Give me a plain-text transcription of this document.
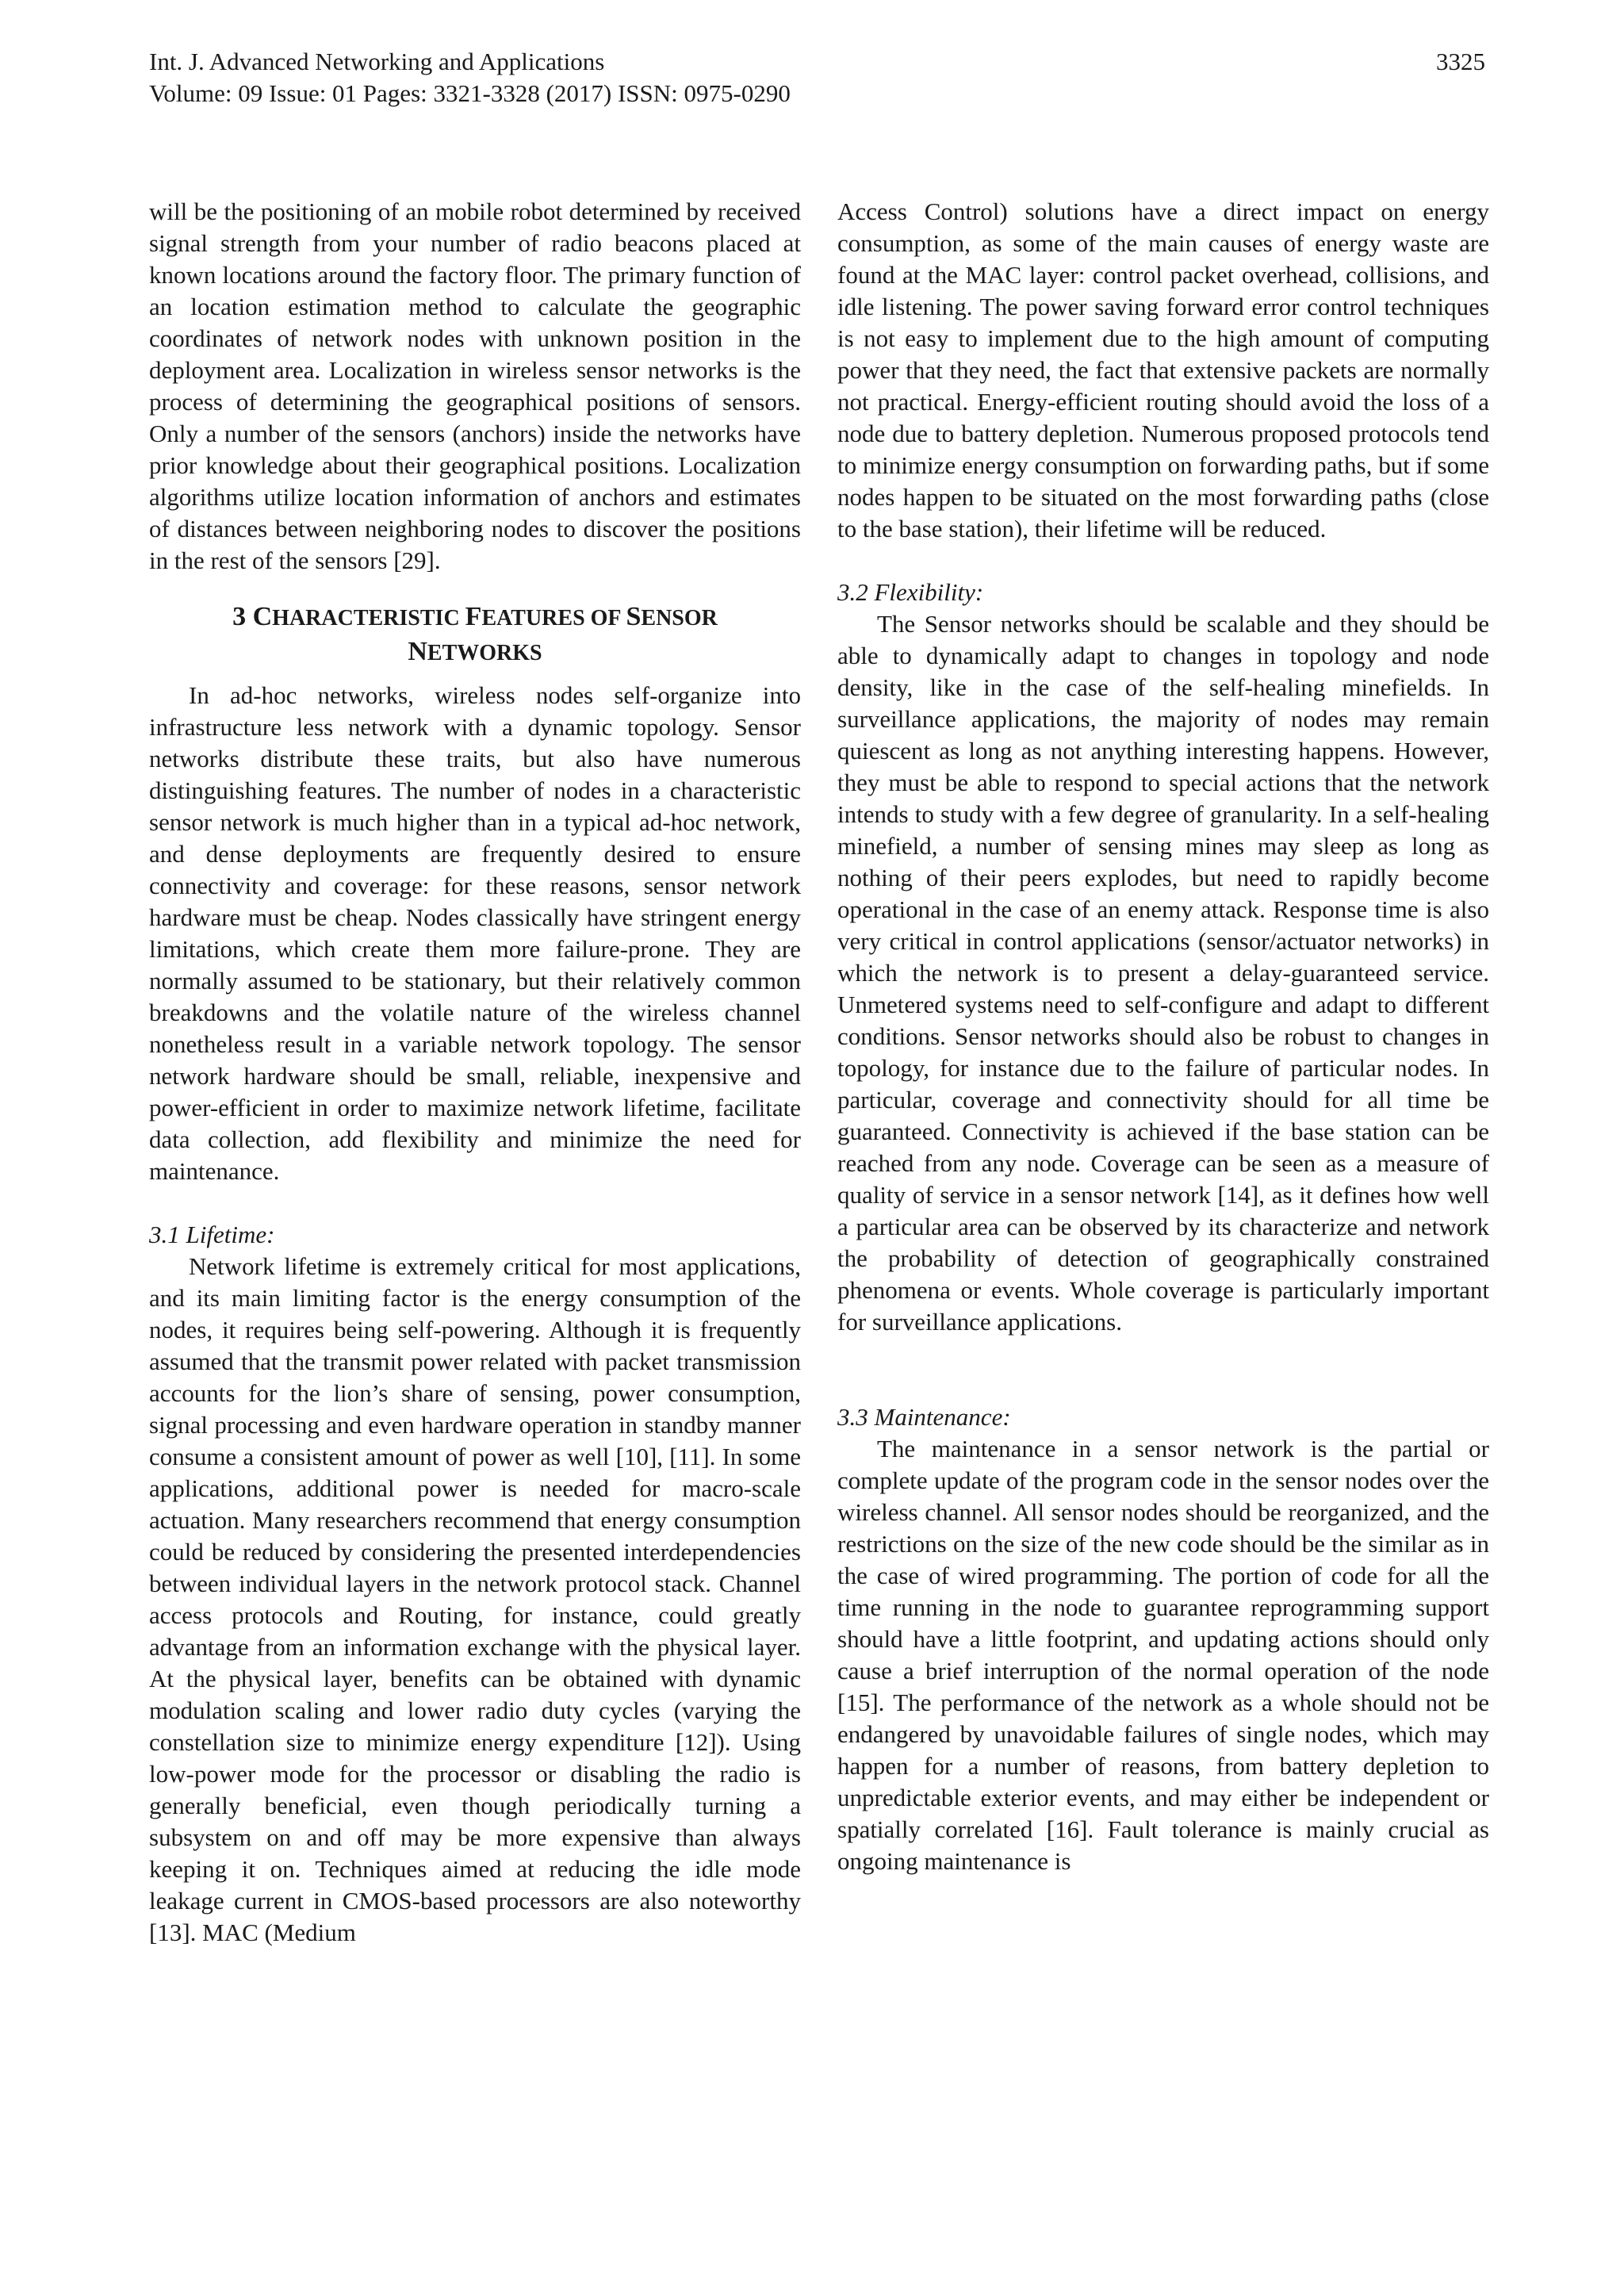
Int. J. Advanced Networking and Applications
Volume: 09 Issue: 01 Pages: 3321-3328 (2017) ISSN: 0975-0290
3325

will be the positioning of an mobile robot determined by received signal strength from your number of radio beacons placed at known locations around the factory floor. The primary function of an location estimation method to calculate the geographic coordinates of network nodes with unknown position in the deployment area. Localization in wireless sensor networks is the process of determining the geographical positions of sensors. Only a number of the sensors (anchors) inside the networks have prior knowledge about their geographical positions. Localization algorithms utilize location information of anchors and estimates of distances between neighboring nodes to discover the positions in the rest of the sensors [29].

3 CHARACTERISTIC FEATURES OF SENSOR
NETWORKS

In ad-hoc networks, wireless nodes self-organize into infrastructure less network with a dynamic topology. Sensor networks distribute these traits, but also have numerous distinguishing features. The number of nodes in a characteristic sensor network is much higher than in a typical ad-hoc network, and dense deployments are frequently desired to ensure connectivity and coverage: for these reasons, sensor network hardware must be cheap. Nodes classically have stringent energy limitations, which create them more failure-prone. They are normally assumed to be stationary, but their relatively common breakdowns and the volatile nature of the wireless channel nonetheless result in a variable network topology. The sensor network hardware should be small, reliable, inexpensive and power-efficient in order to maximize network lifetime, facilitate data collection, add flexibility and minimize the need for maintenance.

3.1 Lifetime:

Network lifetime is extremely critical for most applications, and its main limiting factor is the energy consumption of the nodes, it requires being self-powering. Although it is frequently assumed that the transmit power related with packet transmission accounts for the lion’s share of sensing, power consumption, signal processing and even hardware operation in standby manner consume a consistent amount of power as well [10], [11]. In some applications, additional power is needed for macro-scale actuation. Many researchers recommend that energy consumption could be reduced by considering the presented interdependencies between individual layers in the network protocol stack. Channel access protocols and Routing, for instance, could greatly advantage from an information exchange with the physical layer. At the physical layer, benefits can be obtained with dynamic modulation scaling and lower radio duty cycles (varying the constellation size to minimize energy expenditure [12]). Using low-power mode for the processor or disabling the radio is generally beneficial, even though periodically turning a subsystem on and off may be more expensive than always keeping it on. Techniques aimed at reducing the idle mode leakage current in CMOS-based processors are also noteworthy [13]. MAC (Medium

Access Control) solutions have a direct impact on energy consumption, as some of the main causes of energy waste are found at the MAC layer: control packet overhead, collisions, and idle listening. The power saving forward error control techniques is not easy to implement due to the high amount of computing power that they need, the fact that extensive packets are normally not practical. Energy-efficient routing should avoid the loss of a node due to battery depletion. Numerous proposed protocols tend to minimize energy consumption on forwarding paths, but if some nodes happen to be situated on the most forwarding paths (close to the base station), their lifetime will be reduced.

3.2 Flexibility:

The Sensor networks should be scalable and they should be able to dynamically adapt to changes in topology and node density, like in the case of the self-healing minefields. In surveillance applications, the majority of nodes may remain quiescent as long as not anything interesting happens. However, they must be able to respond to special actions that the network intends to study with a few degree of granularity. In a self-healing minefield, a number of sensing mines may sleep as long as nothing of their peers explodes, but need to rapidly become operational in the case of an enemy attack. Response time is also very critical in control applications (sensor/actuator networks) in which the network is to present a delay-guaranteed service. Unmetered systems need to self-configure and adapt to different conditions. Sensor networks should also be robust to changes in topology, for instance due to the failure of particular nodes. In particular, coverage and connectivity should for all time be guaranteed. Connectivity is achieved if the base station can be reached from any node. Coverage can be seen as a measure of quality of service in a sensor network [14], as it defines how well a particular area can be observed by its characterize and network the probability of detection of geographically constrained phenomena or events. Whole coverage is particularly important for surveillance applications.

3.3 Maintenance:

The maintenance in a sensor network is the partial or complete update of the program code in the sensor nodes over the wireless channel. All sensor nodes should be reorganized, and the restrictions on the size of the new code should be the similar as in the case of wired programming. The portion of code for all the time running in the node to guarantee reprogramming support should have a little footprint, and updating actions should only cause a brief interruption of the normal operation of the node [15]. The performance of the network as a whole should not be endangered by unavoidable failures of single nodes, which may happen for a number of reasons, from battery depletion to unpredictable exterior events, and may either be independent or spatially correlated [16]. Fault tolerance is mainly crucial as ongoing maintenance is
